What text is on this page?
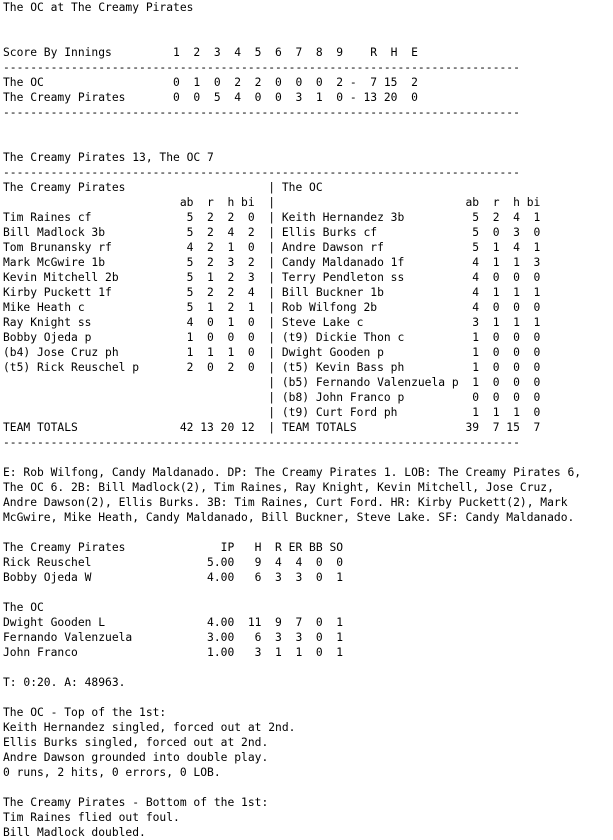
The OC at The Creamy Pirates
Score By Innings         1  2  3  4  5  6  7  8  9    R  H  E
----------------------------------------------------------------------------
The OC                   0  1  0  2  2  0  0  0  2 -  7 15  2
The Creamy Pirates       0  0  5  4  0  0  3  1  0 - 13 20  0
----------------------------------------------------------------------------
The Creamy Pirates 13, The OC 7
----------------------------------------------------------------------------
The Creamy Pirates                     | The OC
ab  r  h bi  |                            ab  r  h bi
Tim Raines cf              5  2  2  0  | Keith Hernandez 3b          5  2  4  1
Bill Madlock 3b            5  2  4  2  | Ellis Burks cf              5  0  3  0
Tom Brunansky rf           4  2  1  0  | Andre Dawson rf             5  1  4  1
Mark McGwire 1b            5  2  3  2  | Candy Maldanado 1f          4  1  1  3
Kevin Mitchell 2b          5  1  2  3  | Terry Pendleton ss          4  0  0  0
Kirby Puckett 1f           5  2  2  4  | Bill Buckner 1b             4  1  1  1
Mike Heath c               5  1  2  1  | Rob Wilfong 2b              4  0  0  0
Ray Knight ss              4  0  1  0  | Steve Lake c                3  1  1  1
Bobby Ojeda p              1  0  0  0  | (t9) Dickie Thon c          1  0  0  0
(b4) Jose Cruz ph          1  1  1  0  | Dwight Gooden p             1  0  0  0
(t5) Rick Reuschel p       2  0  2  0  | (t5) Kevin Bass ph          1  0  0  0
| (b5) Fernando Valenzuela p  1  0  0  0
| (b8) John Franco p          0  0  0  0
| (t9) Curt Ford ph           1  1  1  0
TEAM TOTALS               42 13 20 12  | TEAM TOTALS                39  7 15  7
----------------------------------------------------------------------------
E: Rob Wilfong, Candy Maldanado. DP: The Creamy Pirates 1. LOB: The Creamy Pirates 6,
The OC 6. 2B: Bill Madlock(2), Tim Raines, Ray Knight, Kevin Mitchell, Jose Cruz,
Andre Dawson(2), Ellis Burks. 3B: Tim Raines, Curt Ford. HR: Kirby Puckett(2), Mark
McGwire, Mike Heath, Candy Maldanado, Bill Buckner, Steve Lake. SF: Candy Maldanado.
The Creamy Pirates              IP   H  R ER BB SO
Rick Reuschel                 5.00   9  4  4  0  0
Bobby Ojeda W                 4.00   6  3  3  0  1
The OC
Dwight Gooden L               4.00  11  9  7  0  1
Fernando Valenzuela           3.00   6  3  3  0  1
John Franco                   1.00   3  1  1  0  1
T: 0:20. A: 48963.
The OC - Top of the 1st:
Keith Hernandez singled, forced out at 2nd.
Ellis Burks singled, forced out at 2nd.
Andre Dawson grounded into double play.
0 runs, 2 hits, 0 errors, 0 LOB.
The Creamy Pirates - Bottom of the 1st:
Tim Raines flied out foul.
Bill Madlock doubled.
